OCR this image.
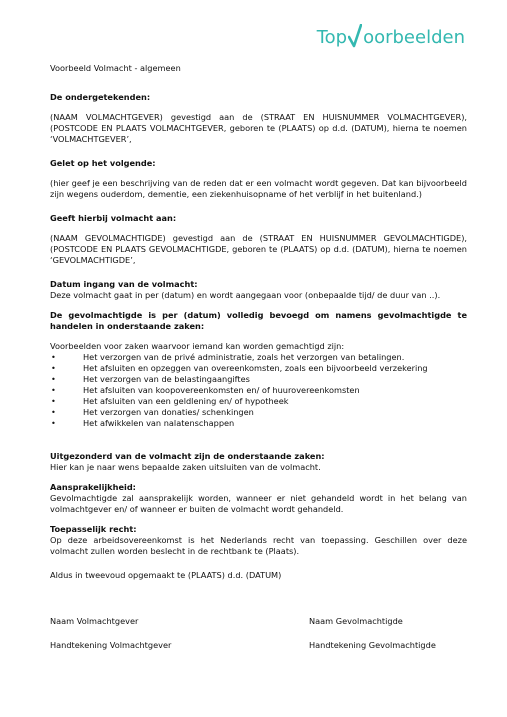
Top oorbeelden
Voorbeeld Volmacht - algemeen
De ondergetekenden:

(NAAM VOLMACHTGEVER) gevestigd aan de (STRAAT EN HUISNUMMER VOLMACHTGEVER), (POSTCODE EN PLAATS VOLMACHTGEVER, geboren te (PLAATS) op d.d. (DATUM), hierna te noemen ‘VOLMACHTGEVER’,

Gelet op het volgende:

(hier geef je een beschrijving van de reden dat er een volmacht wordt gegeven. Dat kan bijvoorbeeld zijn wegens ouderdom, dementie, een ziekenhuisopname of het verblijf in het buitenland.)

Geeft hierbij volmacht aan:

(NAAM GEVOLMACHTIGDE) gevestigd aan de (STRAAT EN HUISNUMMER GEVOLMACHTIGDE), (POSTCODE EN PLAATS GEVOLMACHTIGDE, geboren te (PLAATS) op d.d. (DATUM), hierna te noemen ‘GEVOLMACHTIGDE’,

Datum ingang van de volmacht:

Deze volmacht gaat in per (datum) en wordt aangegaan voor (onbepaalde tijd/ de duur van ..).

De gevolmachtigde is per (datum) volledig bevoegd om namens gevolmachtigde te handelen in onderstaande zaken:

Voorbeelden voor zaken waarvoor iemand kan worden gemachtigd zijn:

•	Het verzorgen van de privé administratie, zoals het verzorgen van betalingen.
•	Het afsluiten en opzeggen van overeenkomsten, zoals een bijvoorbeeld verzekering
•	Het verzorgen van de belastingaangiftes
•	Het afsluiten van koopovereenkomsten en/ of huurovereenkomsten
•	Het afsluiten van een geldlening en/ of hypotheek
•	Het verzorgen van donaties/ schenkingen
•	Het afwikkelen van nalatenschappen
Uitgezonderd van de volmacht zijn de onderstaande zaken:

Hier kan je naar wens bepaalde zaken uitsluiten van de volmacht.

Aansprakelijkheid:

Gevolmachtigde zal aansprakelijk worden, wanneer er niet gehandeld wordt in het belang van volmachtgever en/ of wanneer er buiten de volmacht wordt gehandeld.

Toepasselijk recht:

Op deze arbeidsovereenkomst is het Nederlands recht van toepassing. Geschillen over deze volmacht zullen worden beslecht in de rechtbank te (Plaats).

Aldus in tweevoud opgemaakt te (PLAATS) d.d. (DATUM)

Naam Volmachtgever	Naam Gevolmachtigde
Handtekening Volmachtgever	Handtekening Gevolmachtigde
